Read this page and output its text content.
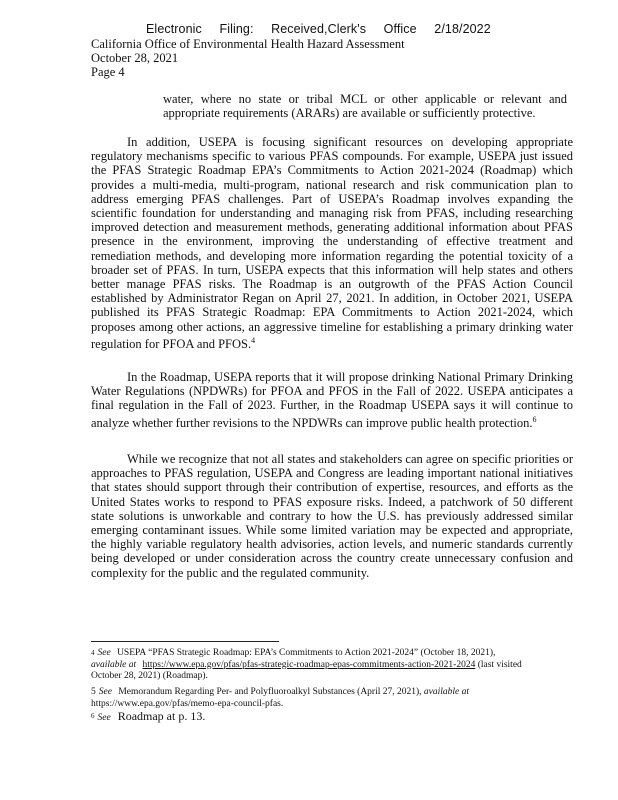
Electronic Filing: Received,Clerk's Office 2/18/2022
California Office of Environmental Health Hazard Assessment
October 28, 2021
Page 4

water, where no state or tribal MCL or other applicable or relevant and appropriate requirements (ARARs) are available or sufficiently protective.

In addition, USEPA is focusing significant resources on developing appropriate regulatory mechanisms specific to various PFAS compounds. For example, USEPA just issued the PFAS Strategic Roadmap EPA’s Commitments to Action 2021-2024 (Roadmap) which provides a multi-media, multi-program, national research and risk communication plan to address emerging PFAS challenges. Part of USEPA’s Roadmap involves expanding the scientific foundation for understanding and managing risk from PFAS, including researching improved detection and measurement methods, generating additional information about PFAS presence in the environment, improving the understanding of effective treatment and remediation methods, and developing more information regarding the potential toxicity of a broader set of PFAS. In turn, USEPA expects that this information will help states and others better manage PFAS risks. The Roadmap is an outgrowth of the PFAS Action Council established by Administrator Regan on April 27, 2021. In addition, in October 2021, USEPA published its PFAS Strategic Roadmap: EPA Commitments to Action 2021-2024, which proposes among other actions, an aggressive timeline for establishing a primary drinking water regulation for PFOA and PFOS.$^4$

In the Roadmap, USEPA reports that it will propose drinking National Primary Drinking Water Regulations (NPDWRs) for PFOA and PFOS in the Fall of 2022. USEPA anticipates a final regulation in the Fall of 2023. Further, in the Roadmap USEPA says it will continue to analyze whether further revisions to the NPDWRs can improve public health protection.$^6$

While we recognize that not all states and stakeholders can agree on specific priorities or approaches to PFAS regulation, USEPA and Congress are leading important national initiatives that states should support through their contribution of expertise, resources, and efforts as the United States works to respond to PFAS exposure risks. Indeed, a patchwork of 50 different state solutions is unworkable and contrary to how the U.S. has previously addressed similar emerging contaminant issues. While some limited variation may be expected and appropriate, the highly variable regulatory health advisories, action levels, and numeric standards currently being developed or under consideration across the country create unnecessary confusion and complexity for the public and the regulated community.

$^4$ See USEPA “PFAS Strategic Roadmap: EPA’s Commitments to Action 2021-2024” (October 18, 2021), available at https://www.epa.gov/pfas/pfas-strategic-roadmap-epas-commitments-action-2021-2024 (last visited October 28, 2021) (Roadmap).
5 See Memorandum Regarding Per- and Polyfluoroalkyl Substances (April 27, 2021), available at https://www.epa.gov/pfas/memo-epa-council-pfas.
$^6$ See Roadmap at p. 13.
